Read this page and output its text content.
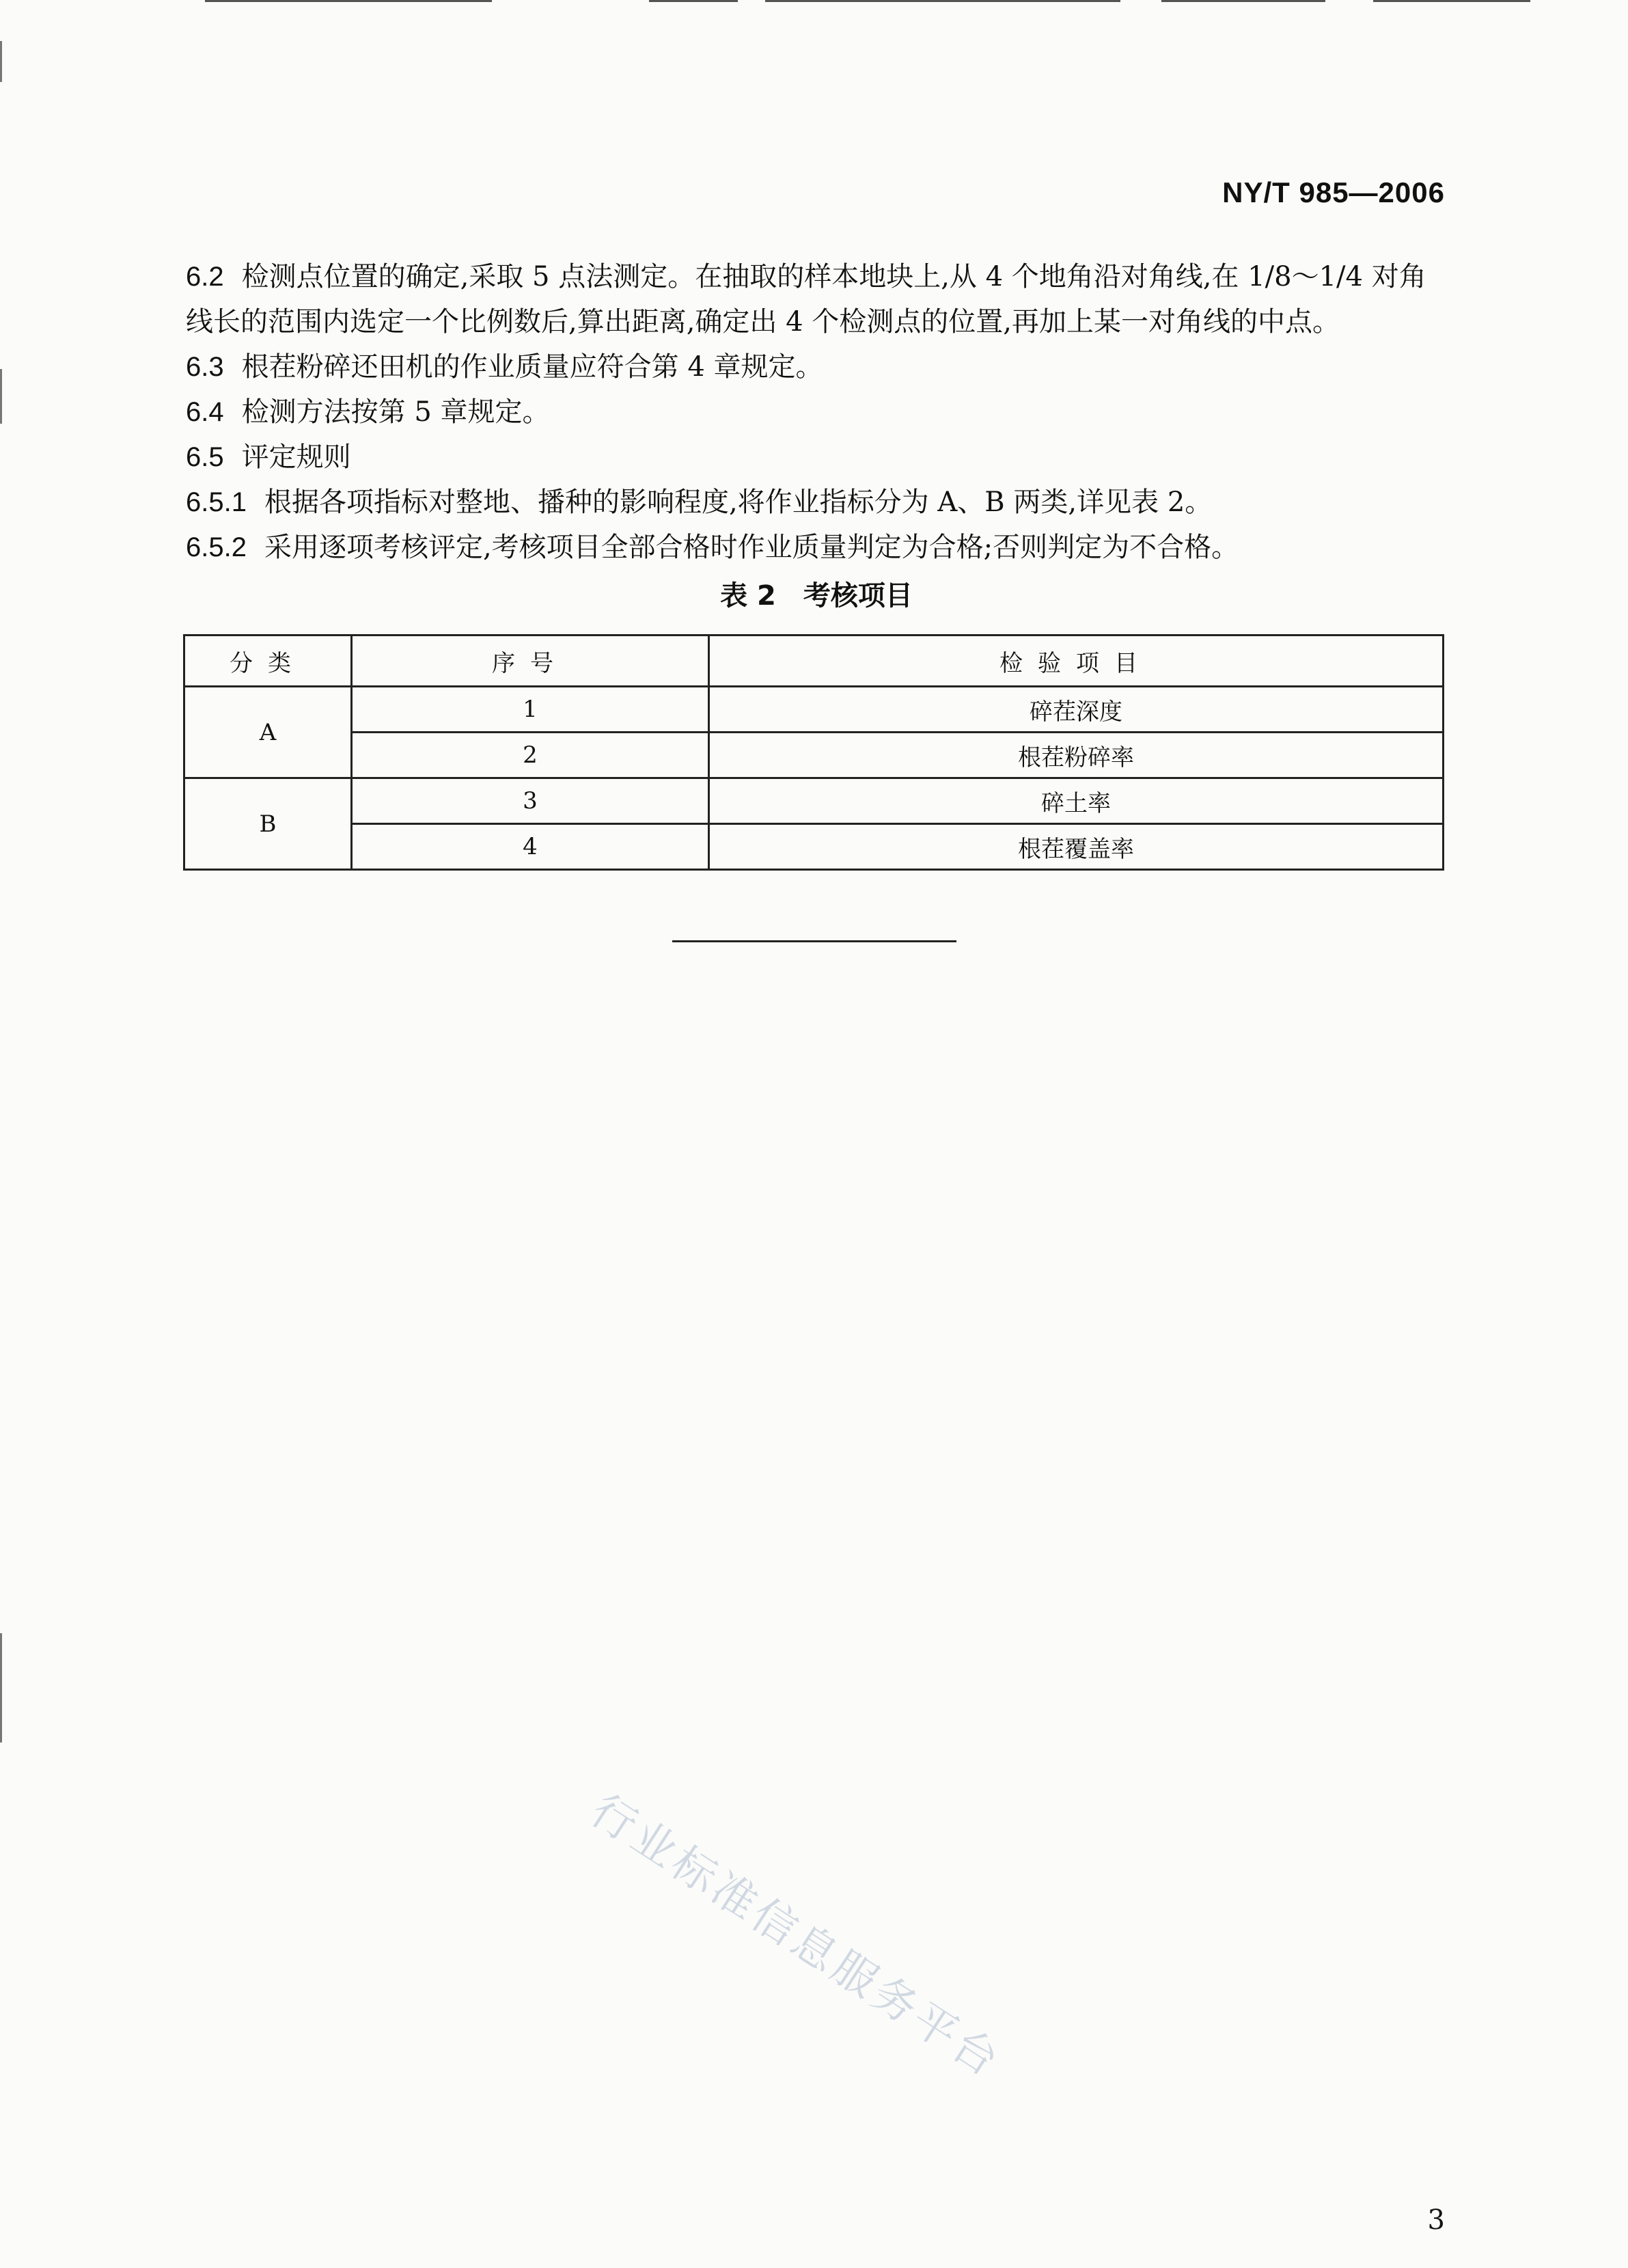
NY/T 985—2006

6.2 检测点位置的确定,采取 5 点法测定。在抽取的样本地块上,从 4 个地角沿对角线,在 1/8～1/4 对角线长的范围内选定一个比例数后,算出距离,确定出 4 个检测点的位置,再加上某一对角线的中点。

6.3 根茬粉碎还田机的作业质量应符合第 4 章规定。

6.4 检测方法按第 5 章规定。

6.5 评定规则

6.5.1 根据各项指标对整地、播种的影响程度,将作业指标分为 A、B 两类,详见表 2。

6.5.2 采用逐项考核评定,考核项目全部合格时作业质量判定为合格;否则判定为不合格。

表 2 考核项目
分类	序号	检验项目
A	1	碎茬深度
	2	根茬粉碎率
B	3	碎土率
	4	根茬覆盖率
行业标准信息服务平台
3
